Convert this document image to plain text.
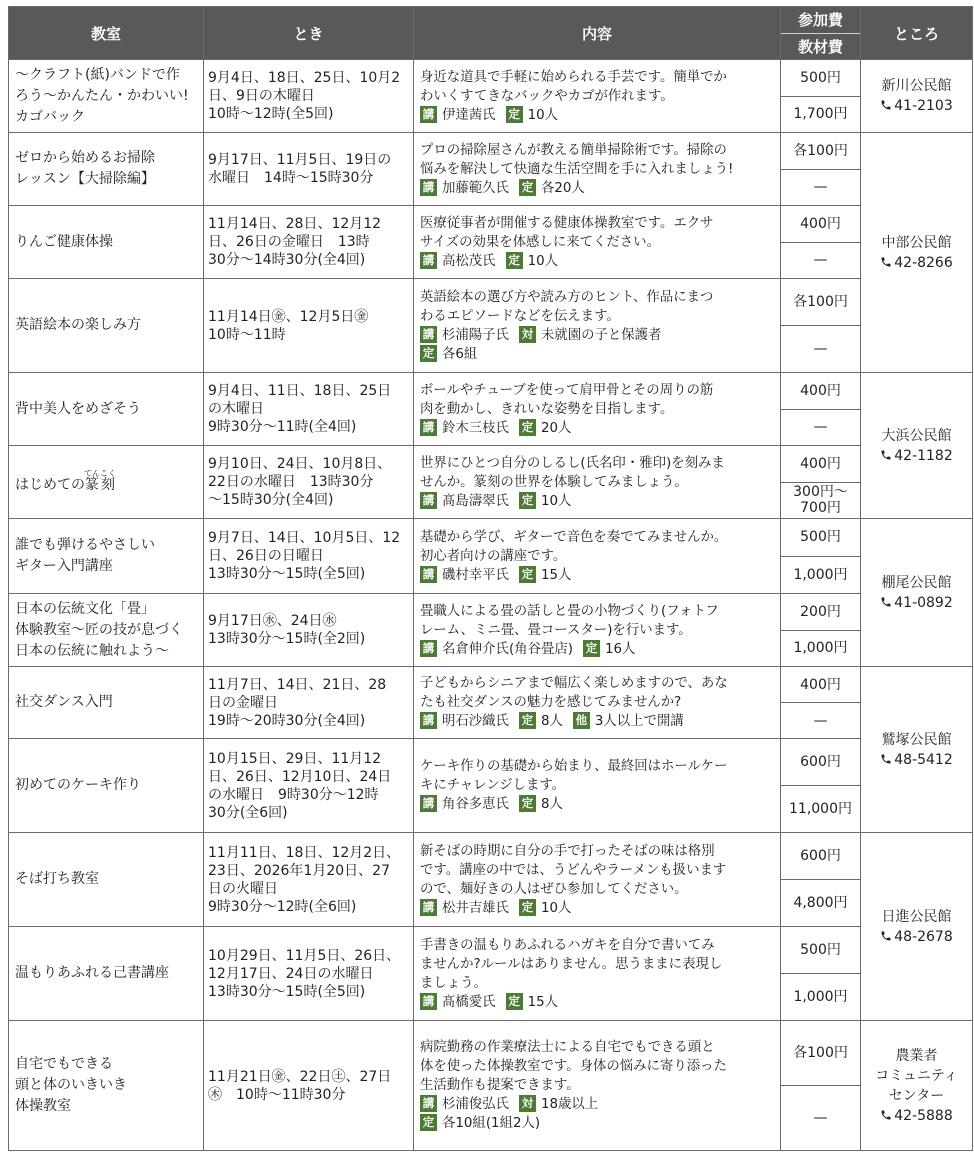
教室	とき	内容	参加費
教材費	ところ
〜クラフト(紙)バンドで作
ろう〜かんたん・かわいい!
カゴバック	9月4日、18日、25日、10月2
日、9日の木曜日
10時〜12時(全5回)	身近な道具で手軽に始められる手芸です。簡単でか
わいくすてきなバックやカゴが作れます。
講 伊達茜氏 定 10人	500円
1,700円	新川公民館
41-2103
ゼロから始めるお掃除
レッスン【大掃除編】	9月17日、11月5日、19日の
水曜日　14時〜15時30分	プロの掃除屋さんが教える簡単掃除術です。掃除の
悩みを解決して快適な生活空間を手に入れましょう!
講 加藤範久氏 定 各20人	各100円
—	中部公民館
42-8266
りんご健康体操	11月14日、28日、12月12
日、26日の金曜日　13時
30分〜14時30分(全4回)	医療従事者が開催する健康体操教室です。エクサ
サイズの効果を体感しに来てください。
講 高松茂氏 定 10人	400円
—	

英語絵本の楽しみ方	11月14日㊎、12月5日㊎
10時〜11時	英語絵本の選び方や読み方のヒント、作品にまつ
わるエピソードなどを伝えます。
講 杉浦陽子氏 対 未就園の子と保護者
定 各6組	各100円
—	

背中美人をめざそう	9月4日、11日、18日、25日
の木曜日
9時30分〜11時(全4回)	ボールやチューブを使って肩甲骨とその周りの筋
肉を動かし、きれいな姿勢を目指します。
講 鈴木三枝氏 定 20人	400円
—	大浜公民館
42-1182
はじめての篆刻てんこく	9月10日、24日、10月8日、
22日の水曜日　13時30分
〜15時30分(全4回)	世界にひとつ自分のしるし(氏名印・雅印)を刻みま
せんか。篆刻の世界を体験してみましょう。
講 髙島濤翠氏 定 10人	400円
300円〜
700円	

誰でも弾けるやさしい
ギター入門講座	9月7日、14日、10月5日、12
日、26日の日曜日
13時30分〜15時(全5回)	基礎から学び、ギターで音色を奏でてみませんか。
初心者向けの講座です。
講 磯村幸平氏 定 15人	500円
1,000円	棚尾公民館
41-0892
日本の伝統文化「畳」
体験教室〜匠の技が息づく
日本の伝統に触れよう〜	9月17日㊌、24日㊌
13時30分〜15時(全2回)	畳職人による畳の話しと畳の小物づくり(フォトフ
レーム、ミニ畳、畳コースター)を行います。
講 名倉伸介氏(角谷畳店) 定 16人	200円
1,000円	

社交ダンス入門	11月7日、14日、21日、28
日の金曜日
19時〜20時30分(全4回)	子どもからシニアまで幅広く楽しめますので、あな
たも社交ダンスの魅力を感じてみませんか?
講 明石沙織氏 定 8人 他 3人以上で開講	400円
—	鷲塚公民館
48-5412
初めてのケーキ作り	10月15日、29日、11月12
日、26日、12月10日、24日
の水曜日　9時30分〜12時
30分(全6回)	ケーキ作りの基礎から始まり、最終回はホールケー
キにチャレンジします。
講 角谷多恵氏 定 8人	600円
11,000円	

そば打ち教室	11月11日、18日、12月2日、
23日、2026年1月20日、27
日の火曜日
9時30分〜12時(全6回)	新そばの時期に自分の手で打ったそばの味は格別
です。講座の中では、うどんやラーメンも扱います
ので、麺好きの人はぜひ参加してください。
講 松井吉雄氏 定 10人	600円
4,800円	日進公民館
48-2678
温もりあふれる己書講座	10月29日、11月5日、26日、
12月17日、24日の水曜日
13時30分〜15時(全5回)	手書きの温もりあふれるハガキを自分で書いてみ
ませんか?ルールはありません。思うままに表現し
ましょう。
講 髙橋愛氏 定 15人	500円
1,000円	

自宅でもできる
頭と体のいきいき
体操教室	11月21日㊎、22日㊏、27日
㊍　10時〜11時30分	病院勤務の作業療法士による自宅でもできる頭と
体を使った体操教室です。身体の悩みに寄り添った
生活動作も提案できます。
講 杉浦俊弘氏 対 18歳以上
定 各10組(1組2人)	各100円
—	農業者
コミュニティ
センター
42-5888
